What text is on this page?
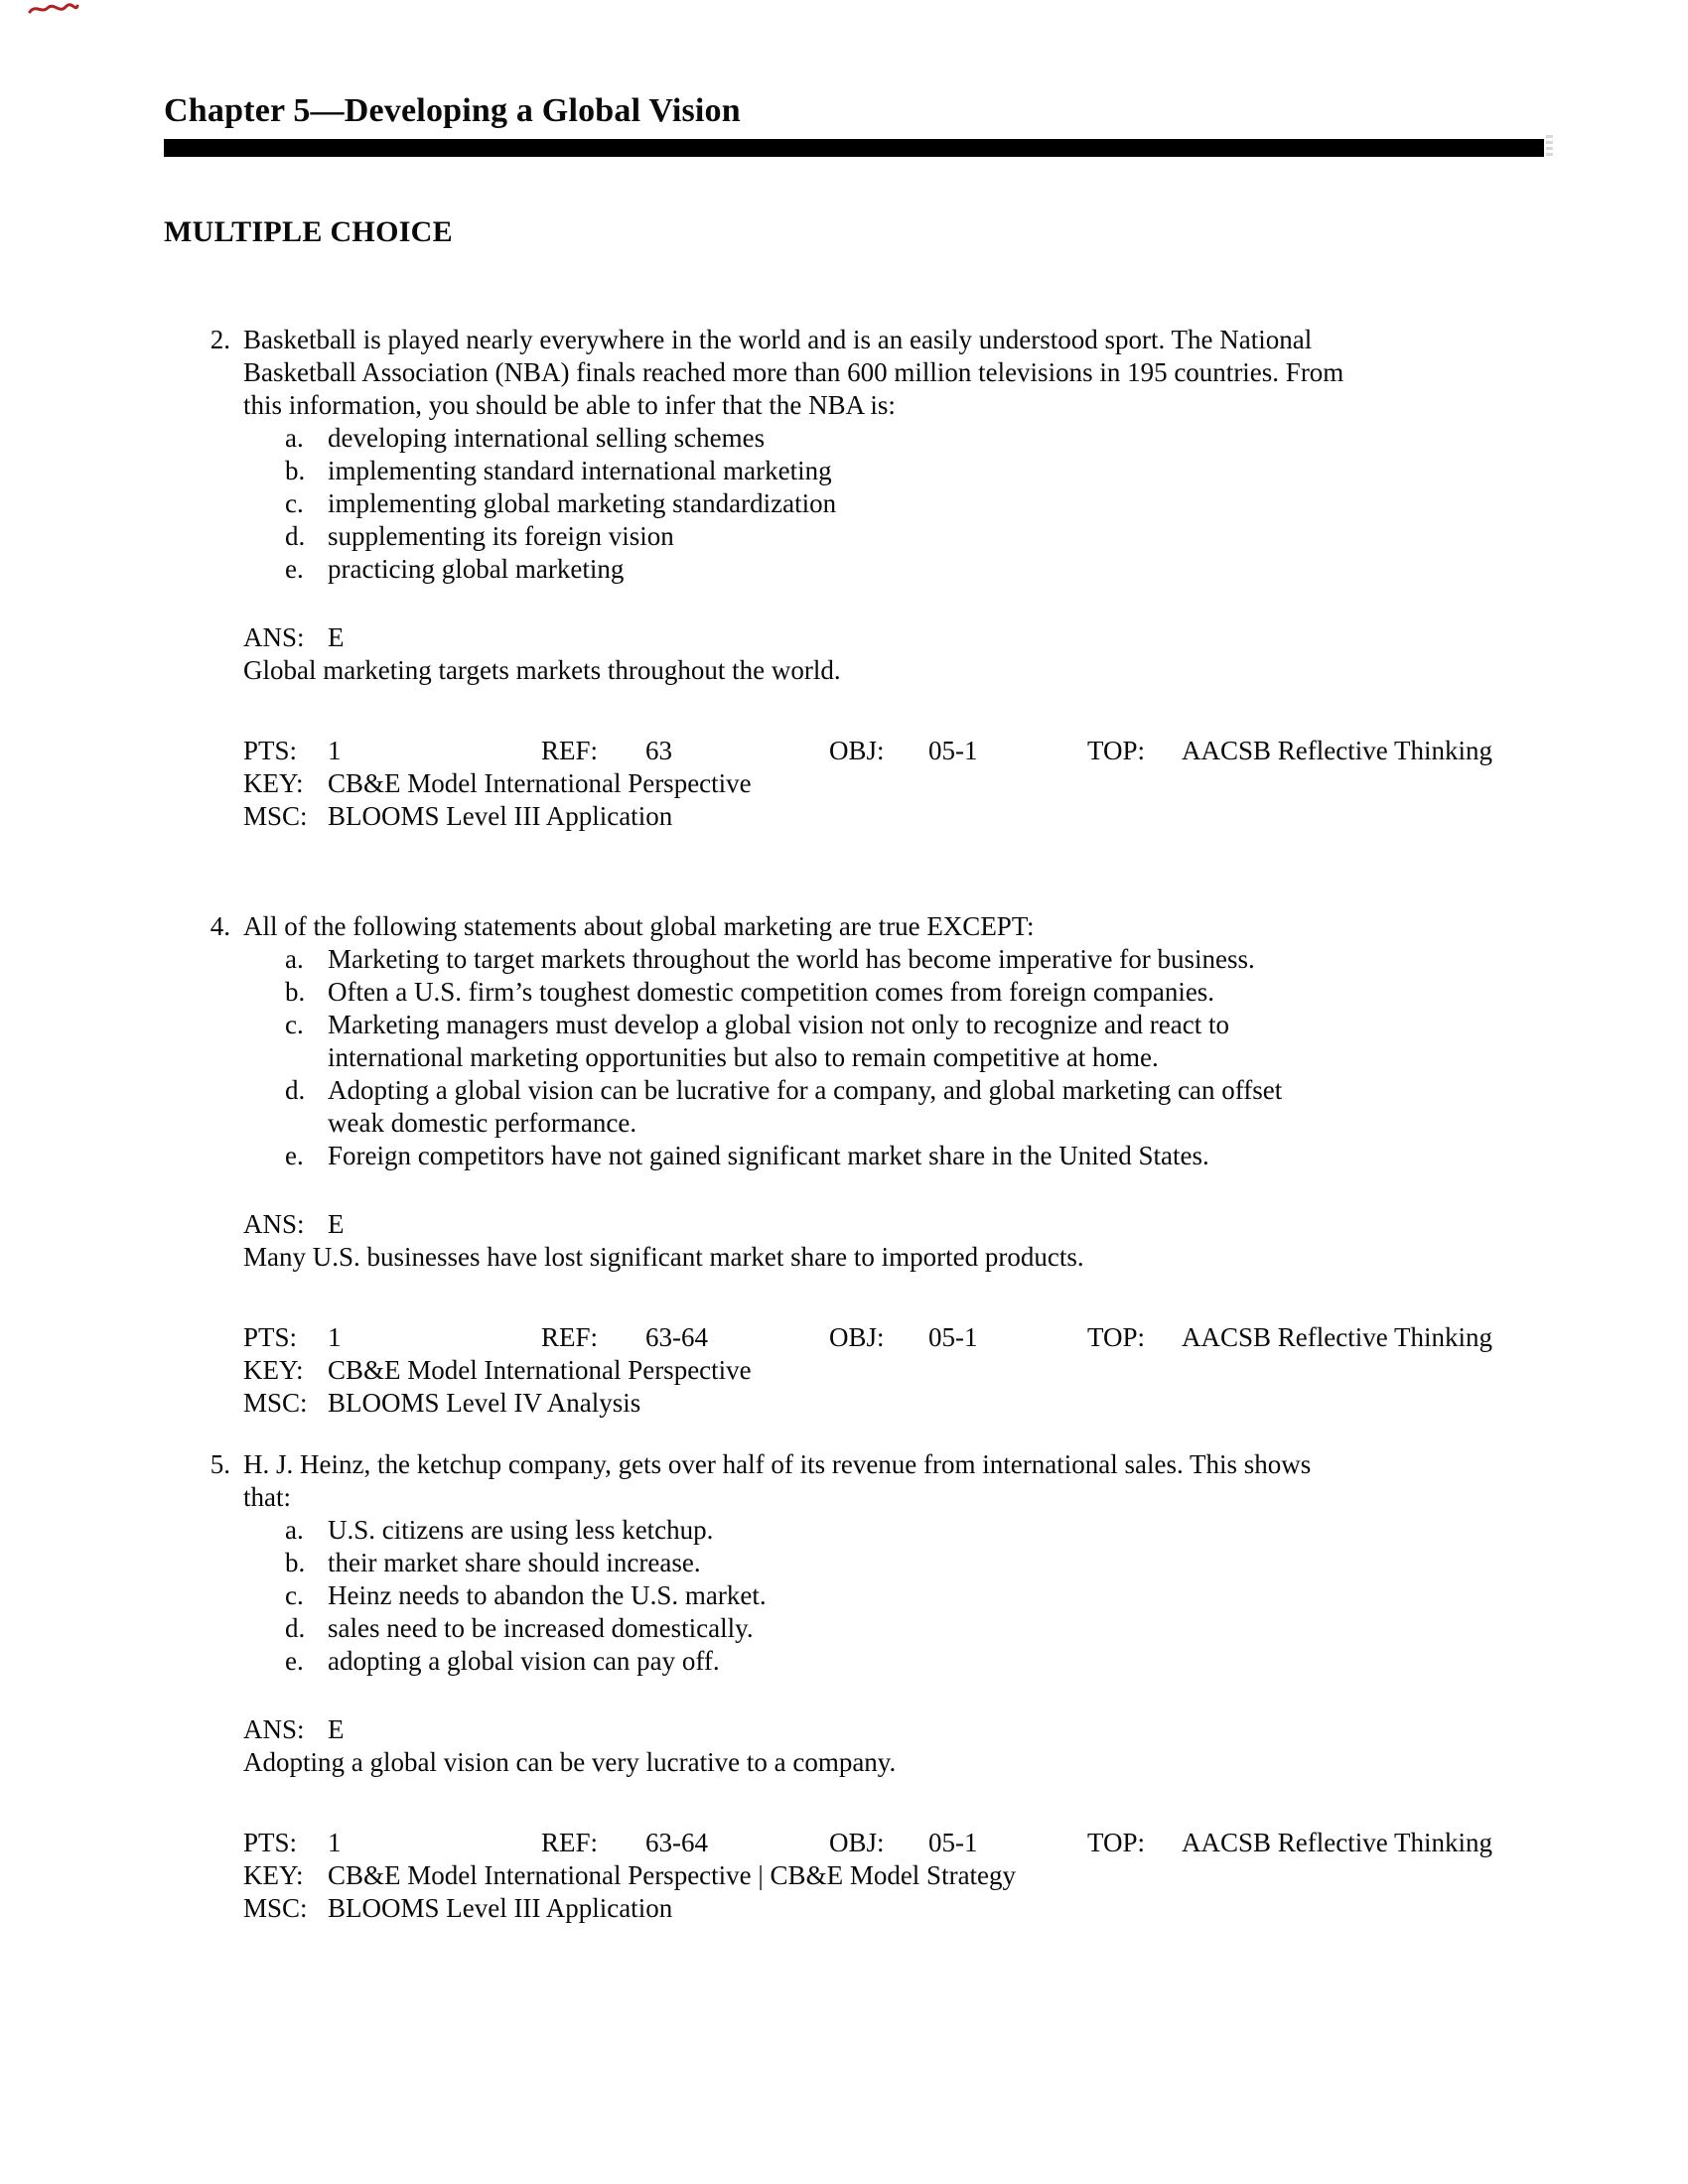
Chapter 5—Developing a Global Vision
MULTIPLE CHOICE
2. Basketball is played nearly everywhere in the world and is an easily understood sport. The National
Basketball Association (NBA) finals reached more than 600 million televisions in 195 countries. From
this information, you should be able to infer that the NBA is:
a. developing international selling schemes
b. implementing standard international marketing
c. implementing global marketing standardization
d. supplementing its foreign vision
e. practicing global marketing
ANS: E
Global marketing targets markets throughout the world.
PTS: 1	REF: 63	OBJ: 05-1	TOP: AACSB Reflective Thinking
KEY: CB&E Model International Perspective
MSC: BLOOMS Level III Application
4. All of the following statements about global marketing are true EXCEPT:
a. Marketing to target markets throughout the world has become imperative for business.
b. Often a U.S. firm’s toughest domestic competition comes from foreign companies.
c. Marketing managers must develop a global vision not only to recognize and react to
international marketing opportunities but also to remain competitive at home.
d. Adopting a global vision can be lucrative for a company, and global marketing can offset
weak domestic performance.
e. Foreign competitors have not gained significant market share in the United States.
ANS: E
Many U.S. businesses have lost significant market share to imported products.
PTS: 1	REF: 63-64	OBJ: 05-1	TOP: AACSB Reflective Thinking
KEY: CB&E Model International Perspective
MSC: BLOOMS Level IV Analysis
5. H. J. Heinz, the ketchup company, gets over half of its revenue from international sales. This shows
that:
a. U.S. citizens are using less ketchup.
b. their market share should increase.
c. Heinz needs to abandon the U.S. market.
d. sales need to be increased domestically.
e. adopting a global vision can pay off.
ANS: E
Adopting a global vision can be very lucrative to a company.
PTS: 1	REF: 63-64	OBJ: 05-1	TOP: AACSB Reflective Thinking
KEY: CB&E Model International Perspective | CB&E Model Strategy
MSC: BLOOMS Level III Application
